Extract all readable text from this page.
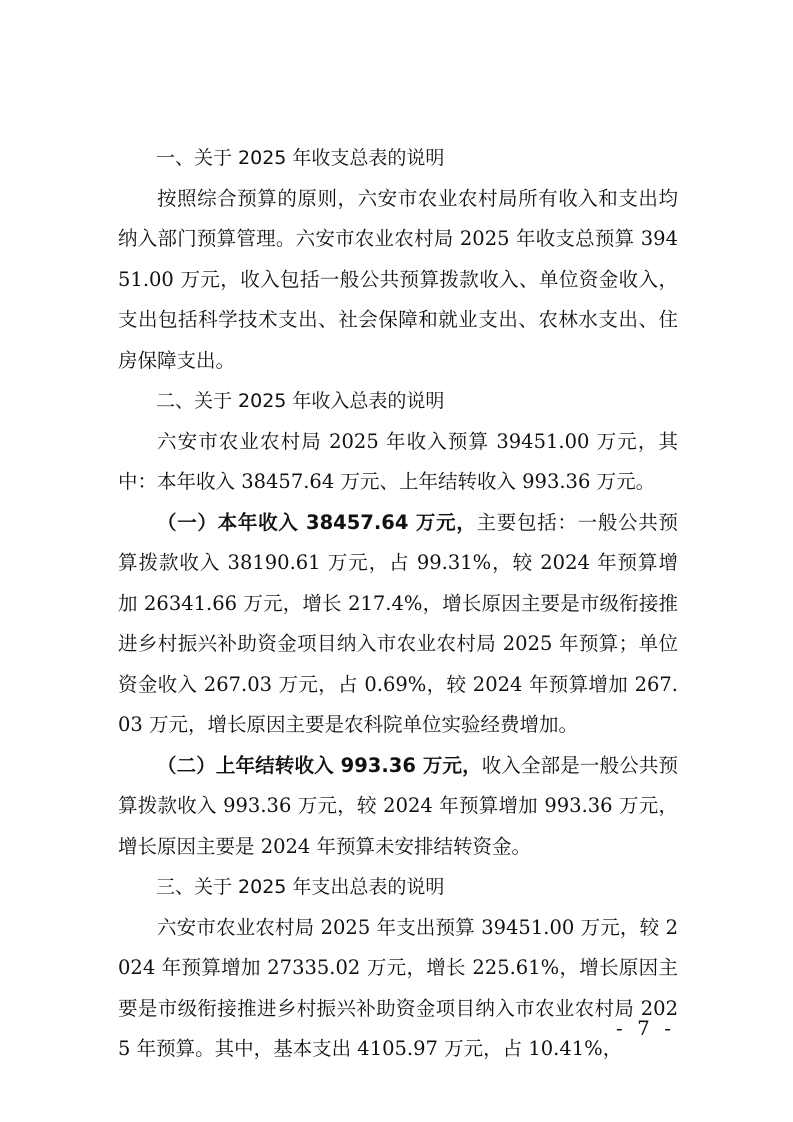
一、关于 2025 年收支总表的说明

按照综合预算的原则，六安市农业农村局所有收入和支出均纳入部门预算管理。六安市农业农村局 2025 年收支总预算 39451.00 万元，收入包括一般公共预算拨款收入、单位资金收入，支出包括科学技术支出、社会保障和就业支出、农林水支出、住房保障支出。

二、关于 2025 年收入总表的说明

六安市农业农村局 2025 年收入预算 39451.00 万元，其中：本年收入 38457.64 万元、上年结转收入 993.36 万元。

（一）本年收入 38457.64 万元，主要包括：一般公共预算拨款收入 38190.61 万元，占 99.31%，较 2024 年预算增加 26341.66 万元，增长 217.4%，增长原因主要是市级衔接推进乡村振兴补助资金项目纳入市农业农村局 2025 年预算；单位资金收入 267.03 万元，占 0.69%，较 2024 年预算增加 267.03 万元，增长原因主要是农科院单位实验经费增加。

（二）上年结转收入 993.36 万元，收入全部是一般公共预算拨款收入 993.36 万元，较 2024 年预算增加 993.36 万元，增长原因主要是 2024 年预算未安排结转资金。

三、关于 2025 年支出总表的说明

六安市农业农村局 2025 年支出预算 39451.00 万元，较 2024 年预算增加 27335.02 万元，增长 225.61%，增长原因主要是市级衔接推进乡村振兴补助资金项目纳入市农业农村局 2025 年预算。其中，基本支出 4105.97 万元，占 10.41%，

- 7 -
